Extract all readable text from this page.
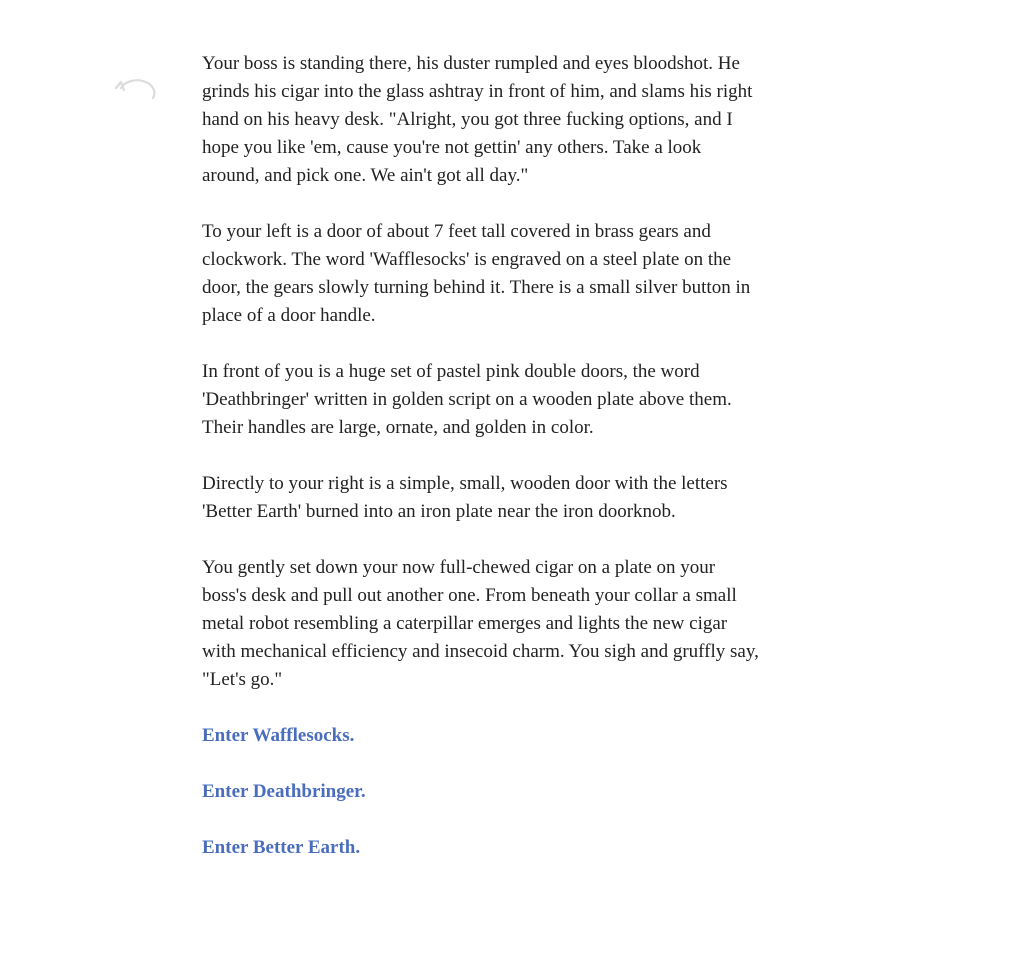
Your boss is standing there, his duster rumpled and eyes bloodshot. He
grinds his cigar into the glass ashtray in front of him, and slams his right
hand on his heavy desk. "Alright, you got three fucking options, and I
hope you like 'em, cause you're not gettin' any others. Take a look
around, and pick one. We ain't got all day."

To your left is a door of about 7 feet tall covered in brass gears and
clockwork. The word 'Wafflesocks' is engraved on a steel plate on the
door, the gears slowly turning behind it. There is a small silver button in
place of a door handle.

In front of you is a huge set of pastel pink double doors, the word
'Deathbringer' written in golden script on a wooden plate above them.
Their handles are large, ornate, and golden in color.

Directly to your right is a simple, small, wooden door with the letters
'Better Earth' burned into an iron plate near the iron doorknob.

You gently set down your now full-chewed cigar on a plate on your
boss's desk and pull out another one. From beneath your collar a small
metal robot resembling a caterpillar emerges and lights the new cigar
with mechanical efficiency and insecoid charm. You sigh and gruffly say,
"Let's go."

Enter Wafflesocks.
Enter Deathbringer.
Enter Better Earth.
